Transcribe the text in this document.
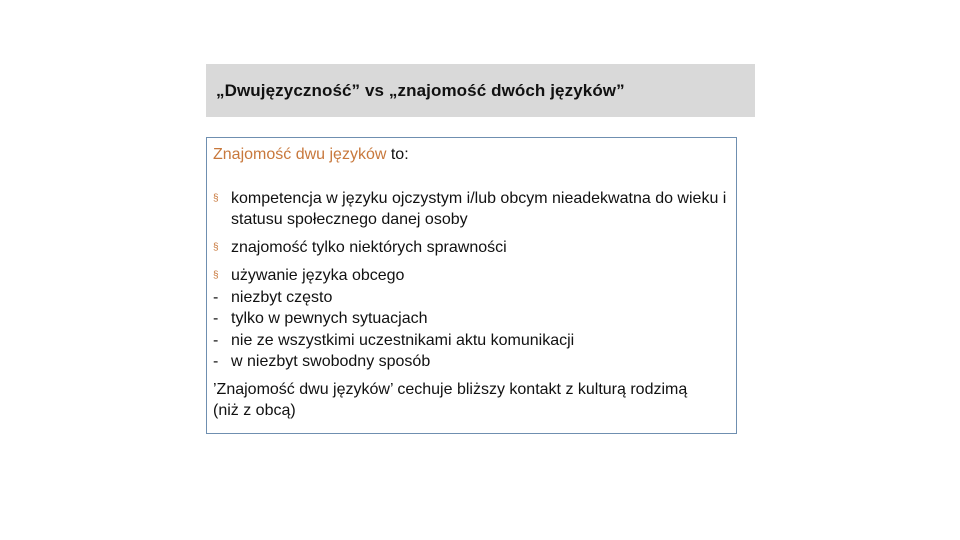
„Dwujęzyczność” vs „znajomość dwóch języków”
Znajomość dwu języków to:
§ kompetencja w języku ojczystym i/lub obcym nieadekwatna do wieku i statusu społecznego danej osoby
§ znajomość tylko niektórych sprawności
§ używanie języka obcego
- niezbyt często
- tylko w pewnych sytuacjach
- nie ze wszystkimi uczestnikami aktu komunikacji
- w niezbyt swobodny sposób
’Znajomość dwu języków’ cechuje bliższy kontakt z kulturą rodzimą (niż z obcą)
